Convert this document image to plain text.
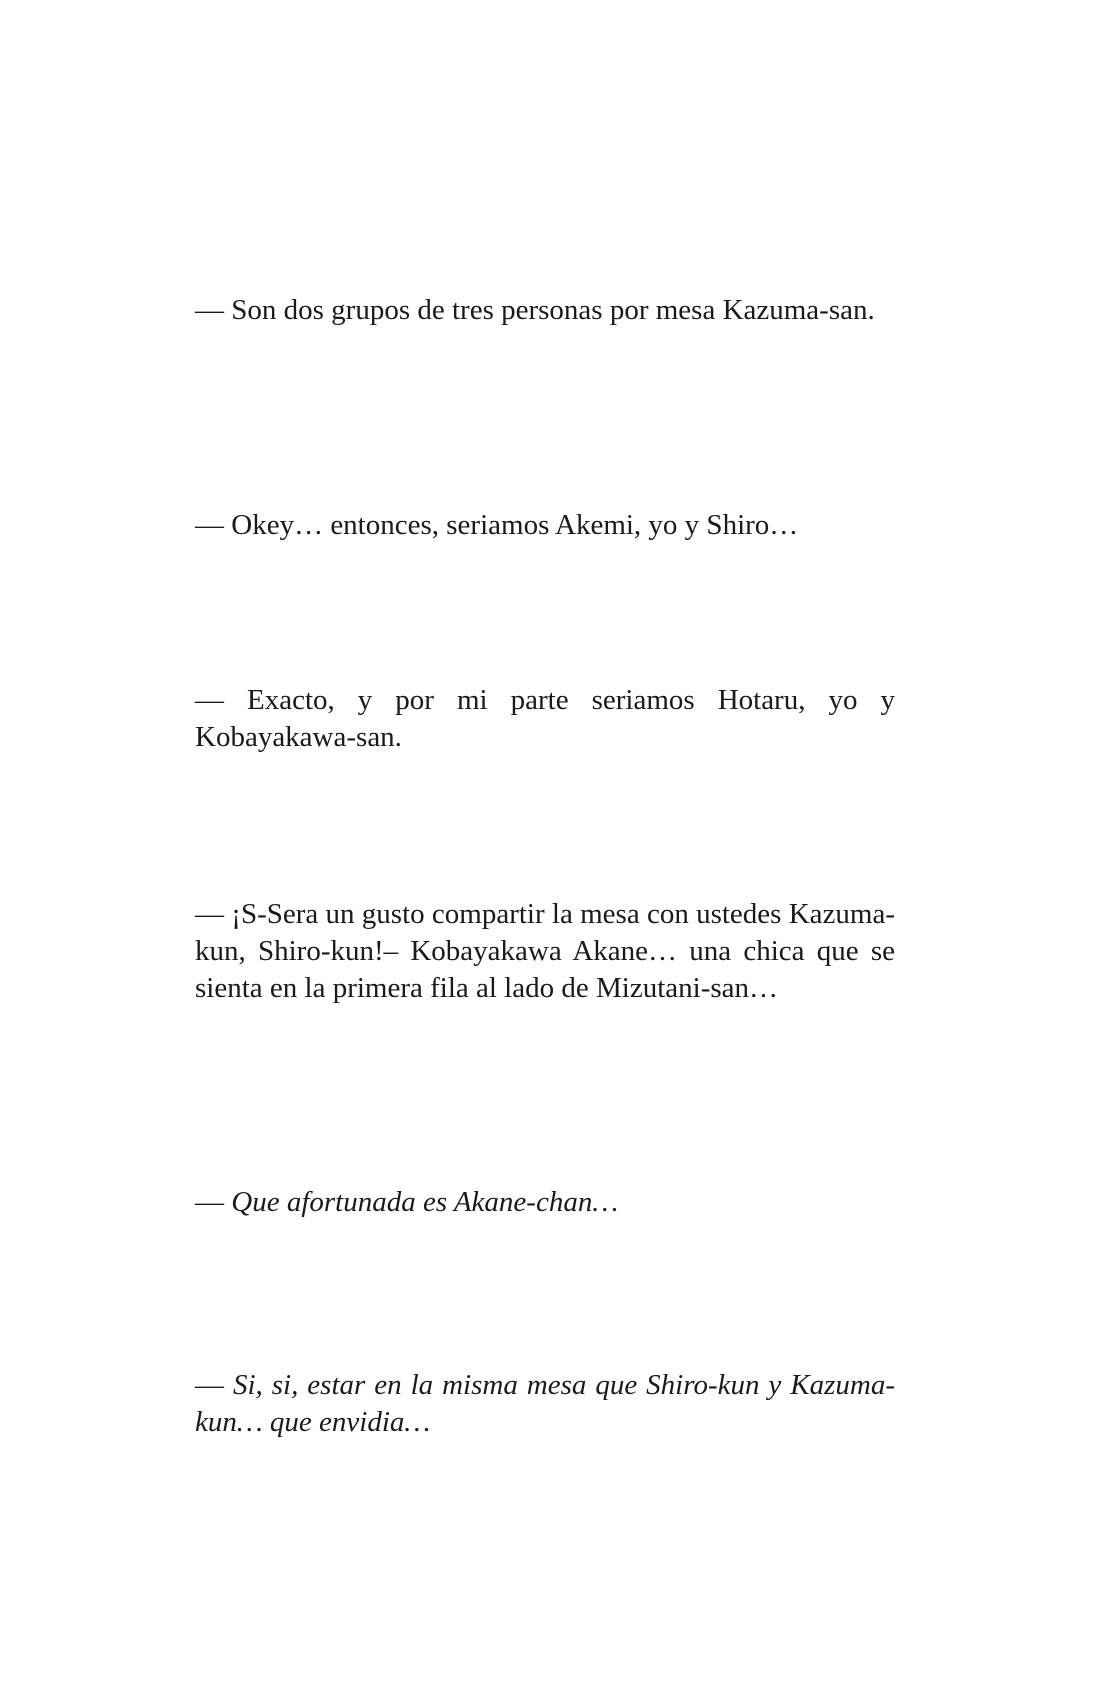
— Son dos grupos de tres personas por mesa Kazuma-san.

— Okey… entonces, seriamos Akemi, yo y Shiro…

— Exacto, y por mi parte seriamos Hotaru, yo y Kobayakawa-san.

— ¡S-Sera un gusto compartir la mesa con ustedes Kazuma-kun, Shiro-kun!– Kobayakawa Akane… una chica que se sienta en la primera fila al lado de Mizutani-san…

— Que afortunada es Akane-chan…

— Si, si, estar en la misma mesa que Shiro-kun y Kazuma-kun… que envidia…
